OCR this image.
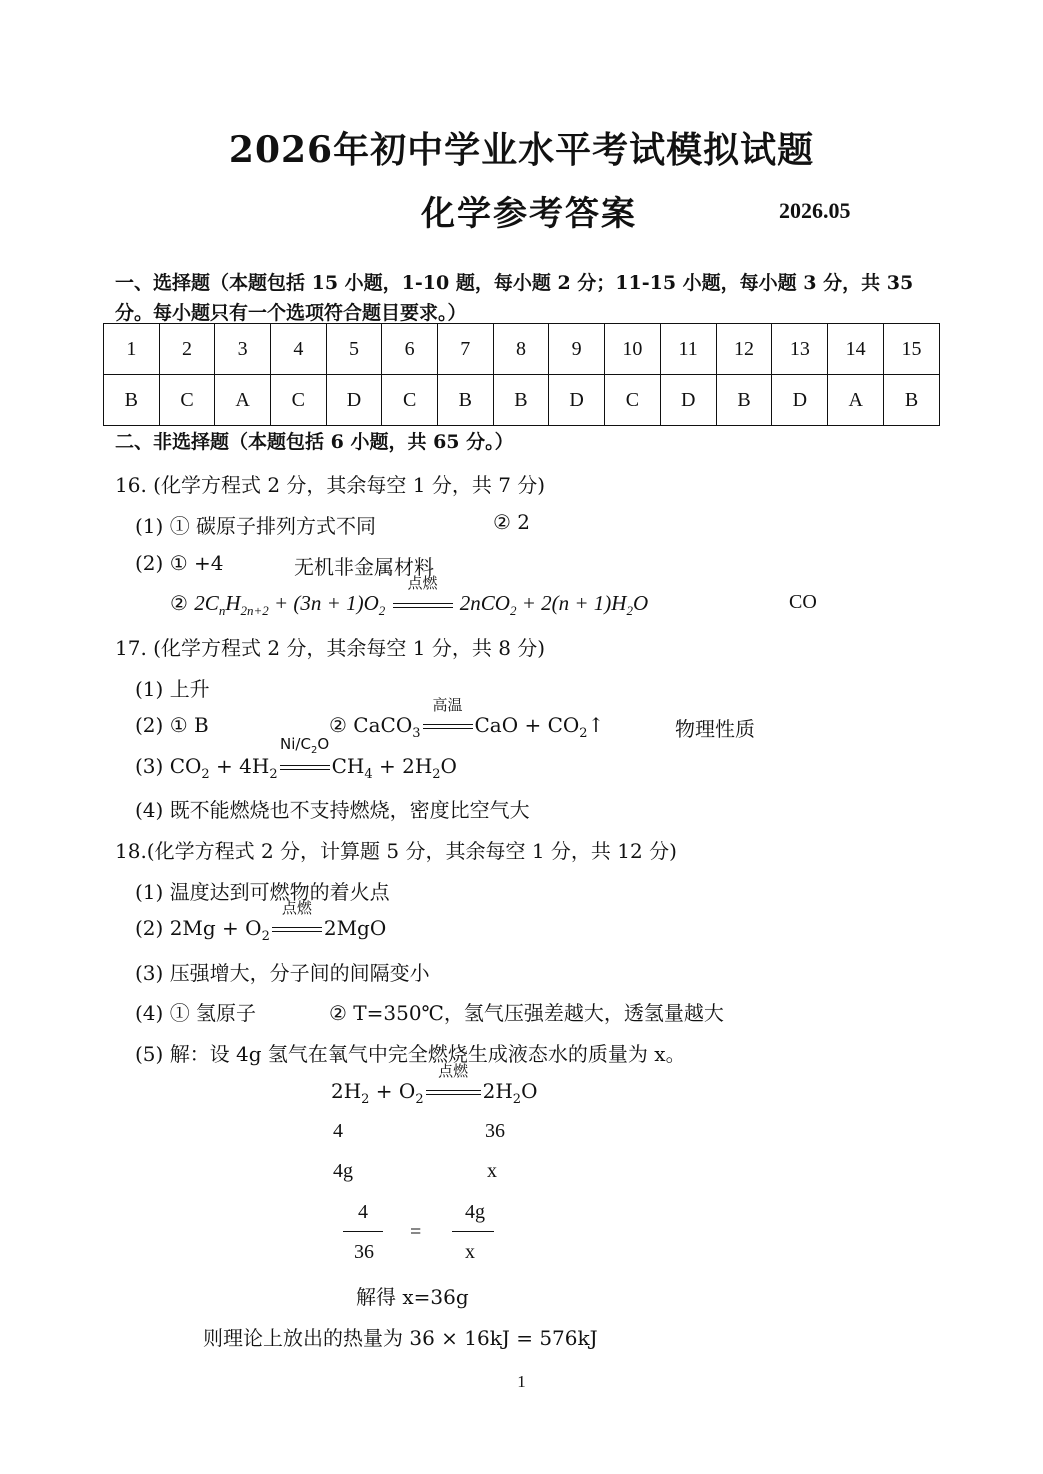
2026年初中学业水平考试模拟试题
化学参考答案	2026.05
一、选择题（本题包括 15 小题，1-10 题，每小题 2 分；11-15 小题，每小题 3 分，共 35
分。每小题只有一个选项符合题目要求。）
1	2	3	4	5	6	7	8	9	10	11	12	13	14	15
B	C	A	C	D	C	B	B	D	C	D	B	D	A	B
二、非选择题（本题包括 6 小题，共 65 分。）
16. (化学方程式 2 分，其余每空 1 分，共 7 分)
(1) ① 碳原子排列方式不同	② 2
(2) ① +4	无机非金属材料
② $2C_nH_{2n+2} + (3n + 1)O_2$
点燃
$2nCO_2 + 2(n + 1)H_2O$	CO
17. (化学方程式 2 分，其余每空 1 分，共 8 分)
(1) 上升
(2) ① B	② CaCO$_3$
高温
CaO + $CO_2↑$	物理性质
(3) $CO_2 + 4H_2$
$Ni/C_2O$
$CH_4 + 2H_2O$
(4) 既不能燃烧也不支持燃烧，密度比空气大
18.(化学方程式 2 分，计算题 5 分，其余每空 1 分，共 12 分)
(1) 温度达到可燃物的着火点
(2) $2Mg + O_2$
点燃
2MgO
(3) 压强增大，分子间的间隔变小
(4) ① 氢原子	② T=350℃，氢气压强差越大，透氢量越大
(5) 解：设 4g 氢气在氧气中完全燃烧生成液态水的质量为 x。
$2H_2 + O_2$
点燃
$2H_2O$
4	36
4g	x
4
36
=
4g
x
解得 x=36g
则理论上放出的热量为 36 × 16kJ = 576kJ
1
